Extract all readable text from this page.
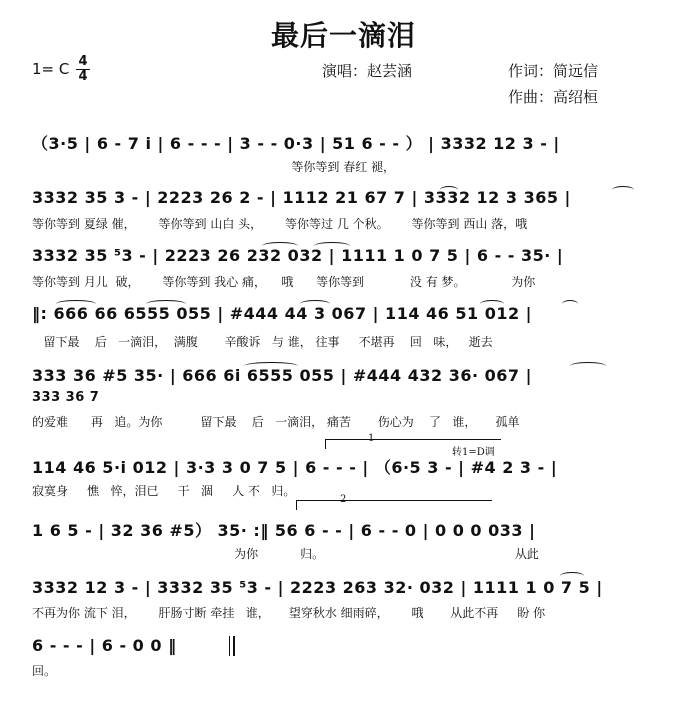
最后一滴泪
1= C 4
4	演唱：赵芸涵	作词：简远信
作曲：高绍桓
（3·5 | 6 - 7 i | 6 - - - | 3 - - 0·3 | 51 6 - - ） | 3332 12 3 - |
等你等到 春红 褪，
3332 35 3 - | 2223 26 2 - | 1112 21 67 7 | 3332 12 3 365 |
等你等到 夏绿 催，      等你等到 山白 头，      等你等过 几 个秋。      等你等到 西山 落，哦
3332 35 ⁵3 - | 2223 26 232 032 | 1111 1 0 7 5 | 6 - - 35· |
等你等到 月儿  破，      等你等到 我心 痛，    哦      等你等到            没 有 梦。            为你
‖: 666 66 6555 055 | #444 44 3 067 | 114 46 51 012 |
留下最    后   一滴泪，  满腹       辛酸诉   与 谁， 往事     不堪再    回   味，   逝去
333 36 #5 35· | 666 6i 6555 055 | #444 432 36· 067 |
333 36 7
的爱难      再   追。为你          留下最    后   一滴泪， 痛苦       伤心为    了   谁，     孤单
1
转1=D调
114 46 5·i 012 | 3·3 3 0 7 5 | 6 - - - | （6·5 3 - | #4 2 3 - |
寂寞身     憔   悴，泪已     干   涸     人 不   归。
2
1 6 5 - | 32 36 #5） 35· :‖ 56 6 - - | 6 - - 0 | 0 0 0 033 |
为你           归。                                                  从此
3332 12 3 - | 3332 35 ⁵3 - | 2223 263 32· 032 | 1111 1 0 7 5 |
不再为你 流下 泪，      肝肠寸断 牵挂   谁，     望穿秋水 细雨碎，      哦       从此不再     盼 你
6 - - - | 6 - 0 0 ‖
回。
